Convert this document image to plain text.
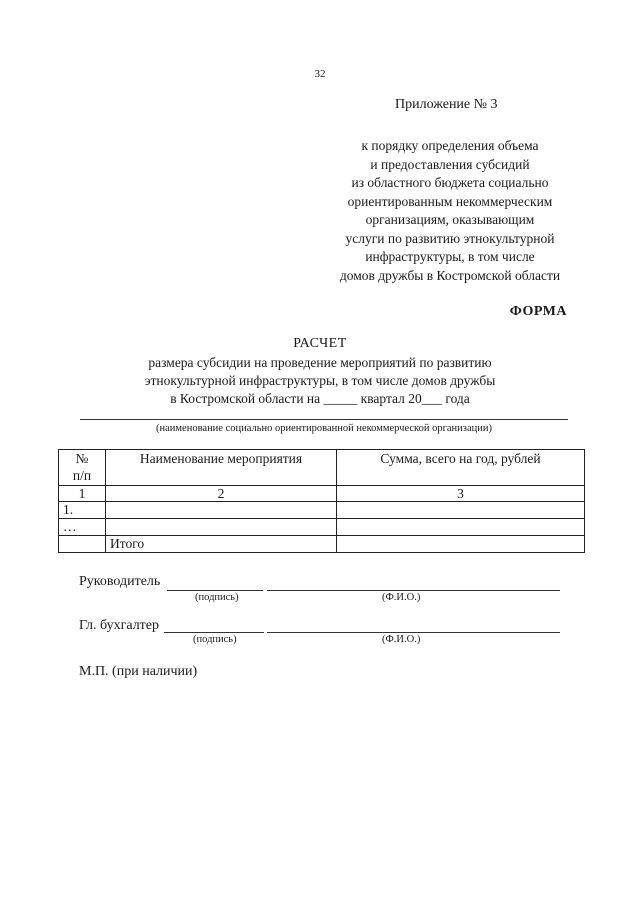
32
Приложение № 3
к порядку определения объема
и предоставления субсидий
из областного бюджета социально
ориентированным некоммерческим
организациям, оказывающим
услуги по развитию этнокультурной
инфраструктуры, в том числе
домов дружбы в Костромской области
ФОРМА
РАСЧЕТ
размера субсидии на проведение мероприятий по развитию
этнокультурной инфраструктуры, в том числе домов дружбы
в Костромской области на _____ квартал 20___ года
(наименование социально ориентированной некоммерческой организации)
№
п/п	Наименование мероприятия	Сумма, всего на год, рублей
1	2	3
1.		
…		
	Итого	
Руководитель
(подпись)	(Ф.И.О.)
Гл. бухгалтер
(подпись)	(Ф.И.О.)
М.П. (при наличии)
